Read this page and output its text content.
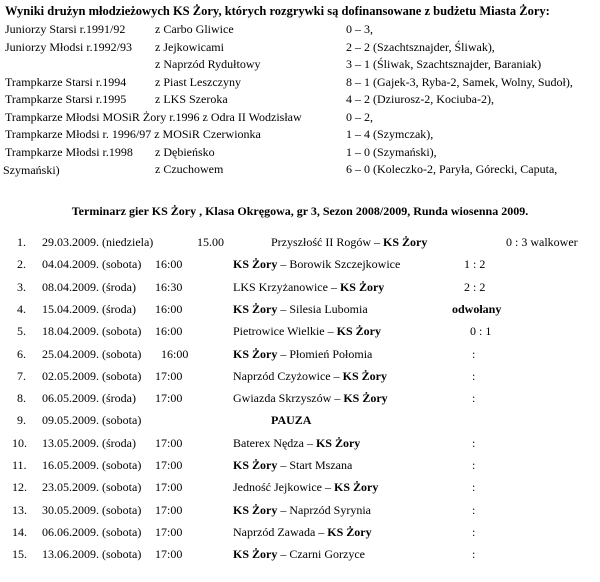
Wyniki drużyn młodzieżowych KS Żory, których rozgrywki są dofinansowane z budżetu Miasta Żory:
Juniorzy Starsi r.1991/92 z Carbo Gliwice	0 – 3,
Juniorzy Młodsi r.1992/93 z Jejkowicami	2 – 2 (Szachtsznajder, Śliwak),
z Naprzód Rydułtowy	3 – 1 (Śliwak, Szachtsznajder, Baraniak)
Trampkarze Starsi r.1994 z Piast Leszczyny	8 – 1 (Gajek-3, Ryba-2, Samek, Wolny, Sudoł),
Trampkarze Starsi r.1995 z LKS Szeroka	4 – 2 (Dziurosz-2, Kociuba-2),
Trampkarze Młodsi MOSiR Żory r.1996 z Odra II Wodzisław	0 – 2,
Trampkarze Młodsi r. 1996/97 z MOSiR Czerwionka	1 – 4 (Szymczak),
Trampkarze Młodsi r.1998 z Dębieńsko	1 – 0 (Szymański),
z Czuchowem	6 – 0 (Koleczko-2, Paryła, Górecki, Caputa,
Szymański)
Terminarz gier KS Żory , Klasa Okręgowa, gr 3, Sezon 2008/2009, Runda wiosenna 2009.
1. 29.03.2009. (niedziela)	15.00	Przyszłość II Rogów – KS Żory	0 : 3 walkower
2. 04.04.2009. (sobota) 16:00	KS Żory – Borowik Szczejkowice	1 : 2
3. 08.04.2009. (środa) 16:30	LKS Krzyżanowice – KS Żory	2 : 2
4. 15.04.2009. (środa) 16:00	KS Żory – Silesia Lubomia	odwołany
5. 18.04.2009. (sobota) 16:00	Pietrowice Wielkie – KS Żory	0 : 1
6. 25.04.2009. (sobota) 16:00	KS Żory – Płomień Połomia	:
7. 02.05.2009. (sobota) 17:00	Naprzód Czyżowice – KS Żory	:
8. 06.05.2009. (środa) 17:00	Gwiazda Skrzyszów – KS Żory	:
9. 09.05.2009. (sobota)	PAUZA
10. 13.05.2009. (środa) 17:00	Baterex Nędza – KS Żory	:
11. 16.05.2009. (sobota) 17:00	KS Żory – Start Mszana	:
12. 23.05.2009. (sobota) 17:00	Jedność Jejkowice – KS Żory	:
13. 30.05.2009. (sobota) 17:00	KS Żory – Naprzód Syrynia	:
14. 06.06.2009. (sobota) 17:00	Naprzód Zawada – KS Żory	:
15. 13.06.2009. (sobota) 17:00	KS Żory – Czarni Gorzyce	:
